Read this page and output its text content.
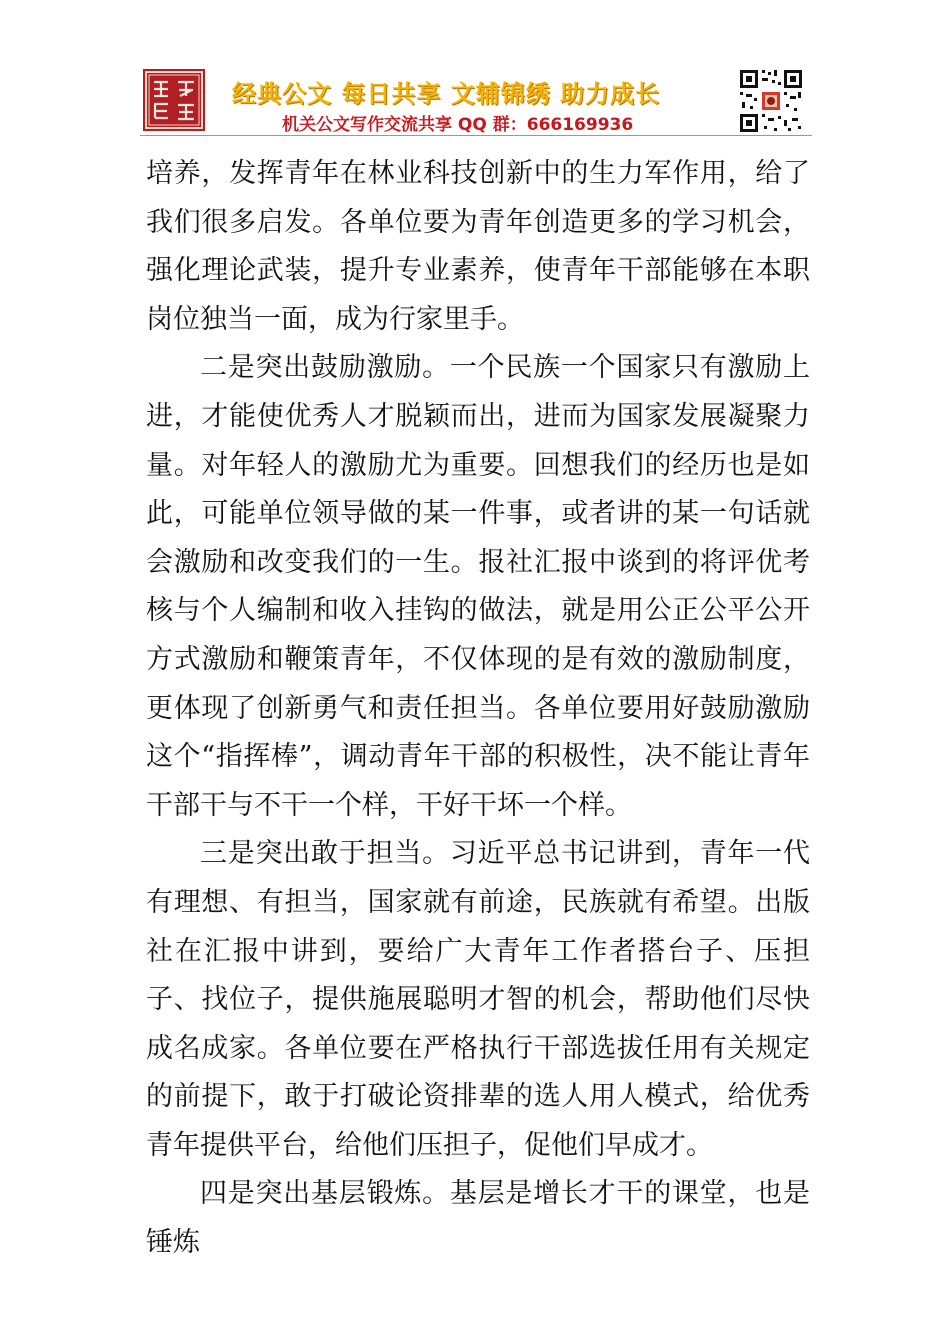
经典公文 每日共享 文辅锦绣 助力成长
机关公文写作交流共享 QQ 群：666169936

培养，发挥青年在林业科技创新中的生力军作用，给了我们很多启发。各单位要为青年创造更多的学习机会，强化理论武装，提升专业素养，使青年干部能够在本职岗位独当一面，成为行家里手。

二是突出鼓励激励。一个民族一个国家只有激励上进，才能使优秀人才脱颖而出，进而为国家发展凝聚力量。对年轻人的激励尤为重要。回想我们的经历也是如此，可能单位领导做的某一件事，或者讲的某一句话就会激励和改变我们的一生。报社汇报中谈到的将评优考核与个人编制和收入挂钩的做法，就是用公正公平公开方式激励和鞭策青年，不仅体现的是有效的激励制度，更体现了创新勇气和责任担当。各单位要用好鼓励激励这个“指挥棒”，调动青年干部的积极性，决不能让青年干部干与不干一个样，干好干坏一个样。

三是突出敢于担当。习近平总书记讲到，青年一代有理想、有担当，国家就有前途，民族就有希望。出版社在汇报中讲到，要给广大青年工作者搭台子、压担子、找位子，提供施展聪明才智的机会，帮助他们尽快成名成家。各单位要在严格执行干部选拔任用有关规定的前提下，敢于打破论资排辈的选人用人模式，给优秀青年提供平台，给他们压担子，促他们早成才。

四是突出基层锻炼。基层是增长才干的课堂，也是锤炼
